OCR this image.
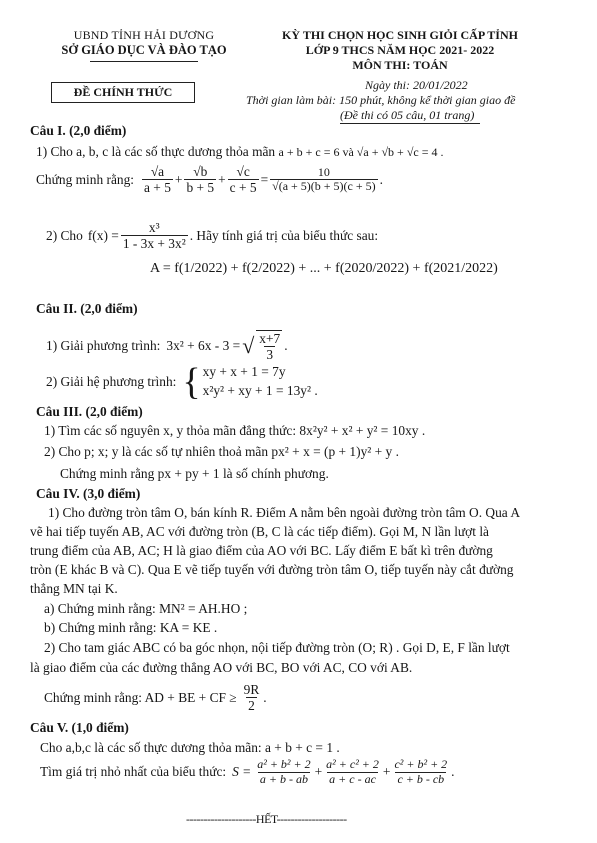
UBND TỈNH HẢI DƯƠNG
SỞ GIÁO DỤC VÀ ĐÀO TẠO
ĐỀ CHÍNH THỨC
KỲ THI CHỌN HỌC SINH GIỎI CẤP TỈNH
LỚP 9 THCS NĂM HỌC 2021- 2022
MÔN THI: TOÁN
Ngày thi: 20/01/2022
Thời gian làm bài: 150 phút, không kể thời gian giao đề
(Đề thi có 05 câu, 01 trang)
Câu I. (2,0 điểm)
1) Cho a, b, c là các số thực dương thỏa mãn a + b + c = 6 và √a + √b + √c = 4 .
Chứng minh rằng: $\frac{√a}{a + 5} + \frac{√b}{b + 5} + \frac{√c}{c + 5} = \frac{10}{√(a + 5)(b + 5)(c + 5)}$ .
2) Cho $f(x) = \frac{\text{x³}}{\text{1 - 3x + 3x²}}$ . Hãy tính giá trị của biểu thức sau:
A = f(1/2022) + f(2/2022) + ... + f(2020/2022) + f(2021/2022)
Câu II. (2,0 điểm)
1) Giải phương trình: 3x² + 6x - 3 = √ $\frac{x+7}{3}$ .
2) Giải hệ phương trình: { xy + x + 1 = 7y
x²y² + xy + 1 = 13y² .
Câu III. (2,0 điểm)
1) Tìm các số nguyên x, y thỏa mãn đẳng thức: 8x²y² + x² + y² = 10xy .
2) Cho p; x; y là các số tự nhiên thoả mãn px² + x = (p + 1)y² + y .
Chứng minh rằng px + py + 1 là số chính phương.
Câu IV. (3,0 điểm)
1) Cho đường tròn tâm O, bán kính R. Điểm A nằm bên ngoài đường tròn tâm O. Qua A
vẽ hai tiếp tuyến AB, AC với đường tròn (B, C là các tiếp điểm). Gọi M, N lần lượt là
trung điểm của AB, AC; H là giao điểm của AO với BC. Lấy điểm E bất kì trên đường
tròn (E khác B và C). Qua E vẽ tiếp tuyến với đường tròn tâm O, tiếp tuyến này cắt đường
thẳng MN tại K.
a) Chứng minh rằng: MN² = AH.HO ;
b) Chứng minh rằng: KA = KE .
2) Cho tam giác ABC có ba góc nhọn, nội tiếp đường tròn (O; R) . Gọi D, E, F lần lượt
là giao điểm của các đường thẳng AO với BC, BO với AC, CO với AB.
Chứng minh rằng: AD + BE + CF ≥ $\frac{9R}{2}$ .
Câu V. (1,0 điểm)
Cho a,b,c là các số thực dương thỏa mãn: a + b + c = 1 .
Tìm giá trị nhỏ nhất của biểu thức: $S = \frac{\text{a² + b² + 2}}{a + b - ab} + \frac{\text{a² + c² + 2}}{a + c - ac} + \frac{\text{c² + b² + 2}}{c + b - cb}$ .
--------------------HẾT--------------------
